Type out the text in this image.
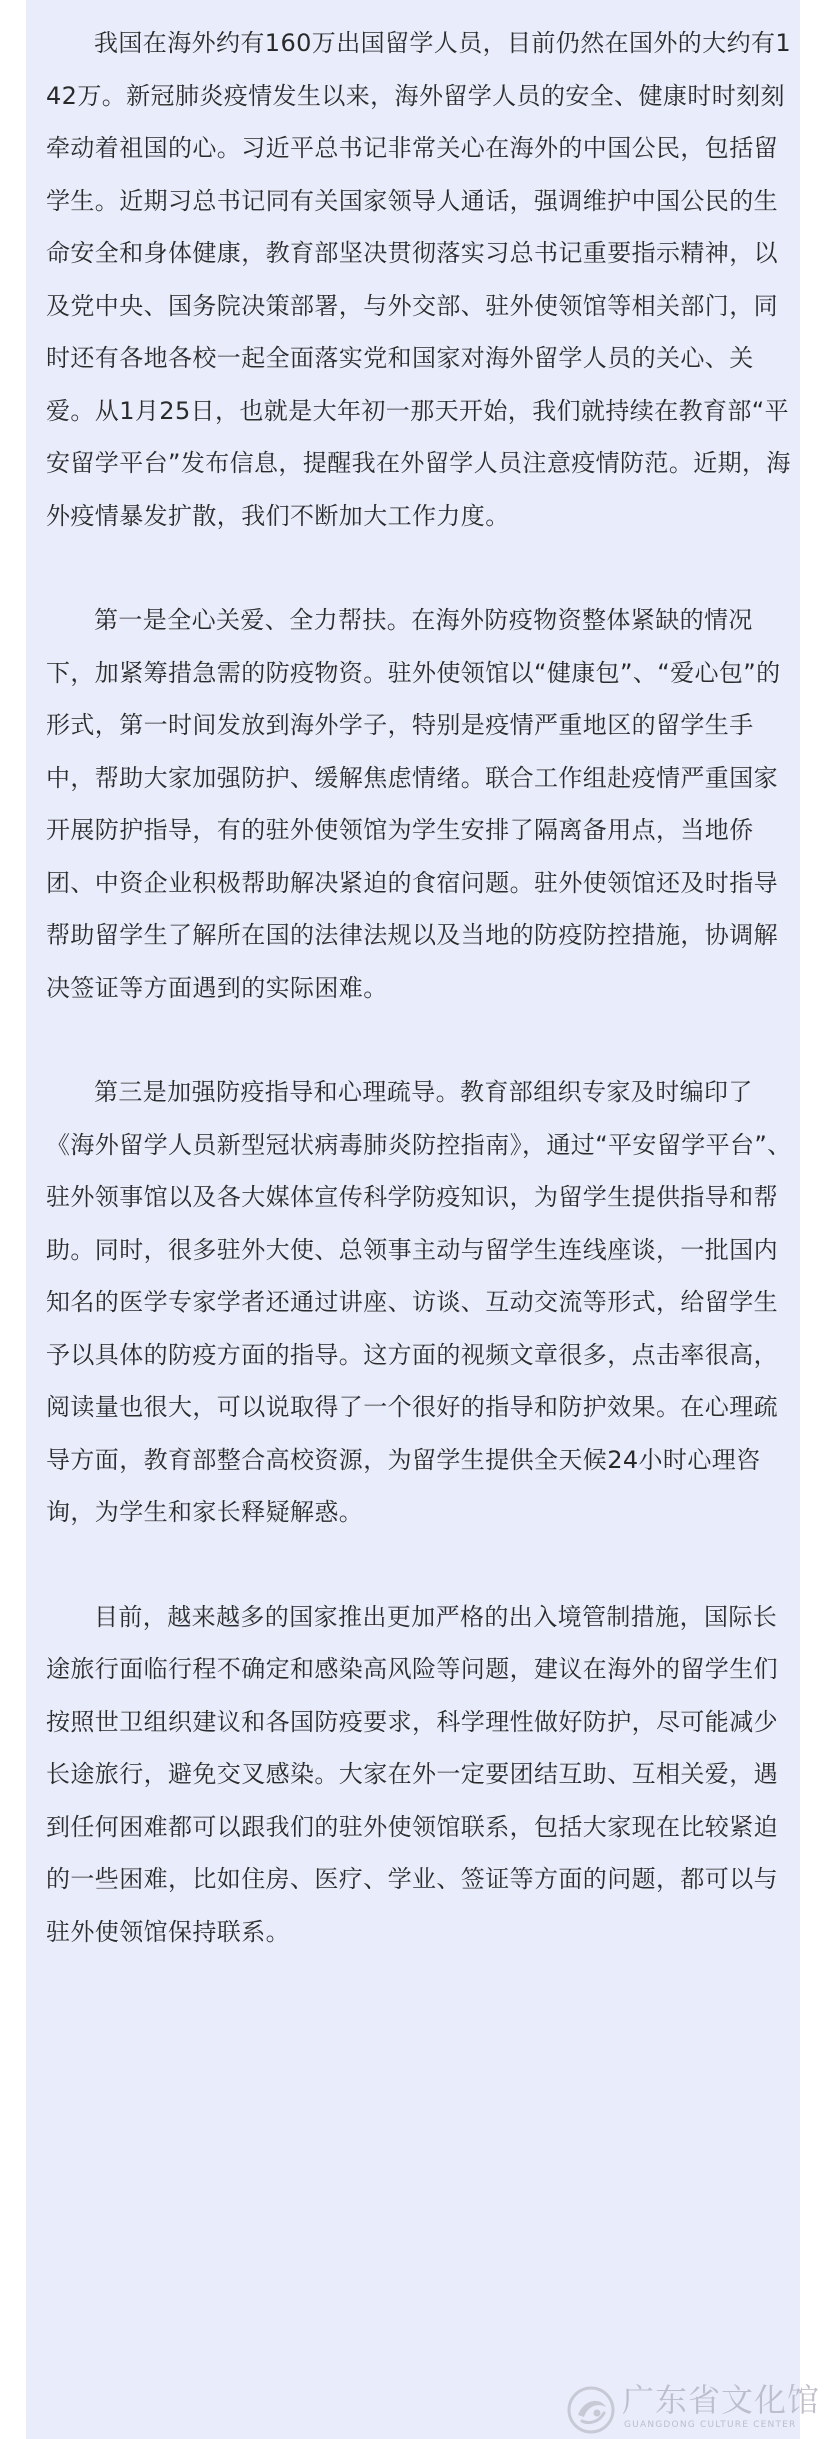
我国在海外约有160万出国留学人员，目前仍然在国外的大约有142万。新冠肺炎疫情发生以来，海外留学人员的安全、健康时时刻刻牵动着祖国的心。习近平总书记非常关心在海外的中国公民，包括留学生。近期习总书记同有关国家领导人通话，强调维护中国公民的生命安全和身体健康，教育部坚决贯彻落实习总书记重要指示精神，以及党中央、国务院决策部署，与外交部、驻外使领馆等相关部门，同时还有各地各校一起全面落实党和国家对海外留学人员的关心、关爱。从1月25日，也就是大年初一那天开始，我们就持续在教育部“平安留学平台”发布信息，提醒我在外留学人员注意疫情防范。近期，海外疫情暴发扩散，我们不断加大工作力度。

第一是全心关爱、全力帮扶。在海外防疫物资整体紧缺的情况下，加紧筹措急需的防疫物资。驻外使领馆以“健康包”、“爱心包”的形式，第一时间发放到海外学子，特别是疫情严重地区的留学生手中，帮助大家加强防护、缓解焦虑情绪。联合工作组赴疫情严重国家开展防护指导，有的驻外使领馆为学生安排了隔离备用点，当地侨团、中资企业积极帮助解决紧迫的食宿问题。驻外使领馆还及时指导帮助留学生了解所在国的法律法规以及当地的防疫防控措施，协调解决签证等方面遇到的实际困难。

第三是加强防疫指导和心理疏导。教育部组织专家及时编印了《海外留学人员新型冠状病毒肺炎防控指南》，通过“平安留学平台”、驻外领事馆以及各大媒体宣传科学防疫知识，为留学生提供指导和帮助。同时，很多驻外大使、总领事主动与留学生连线座谈，一批国内知名的医学专家学者还通过讲座、访谈、互动交流等形式，给留学生予以具体的防疫方面的指导。这方面的视频文章很多，点击率很高，阅读量也很大，可以说取得了一个很好的指导和防护效果。在心理疏导方面，教育部整合高校资源，为留学生提供全天候24小时心理咨询，为学生和家长释疑解惑。

目前，越来越多的国家推出更加严格的出入境管制措施，国际长途旅行面临行程不确定和感染高风险等问题，建议在海外的留学生们按照世卫组织建议和各国防疫要求，科学理性做好防护，尽可能减少长途旅行，避免交叉感染。大家在外一定要团结互助、互相关爱，遇到任何困难都可以跟我们的驻外使领馆联系，包括大家现在比较紧迫的一些困难，比如住房、医疗、学业、签证等方面的问题，都可以与驻外使领馆保持联系。

广东省文化馆
GUANGDONG CULTURE CENTER
